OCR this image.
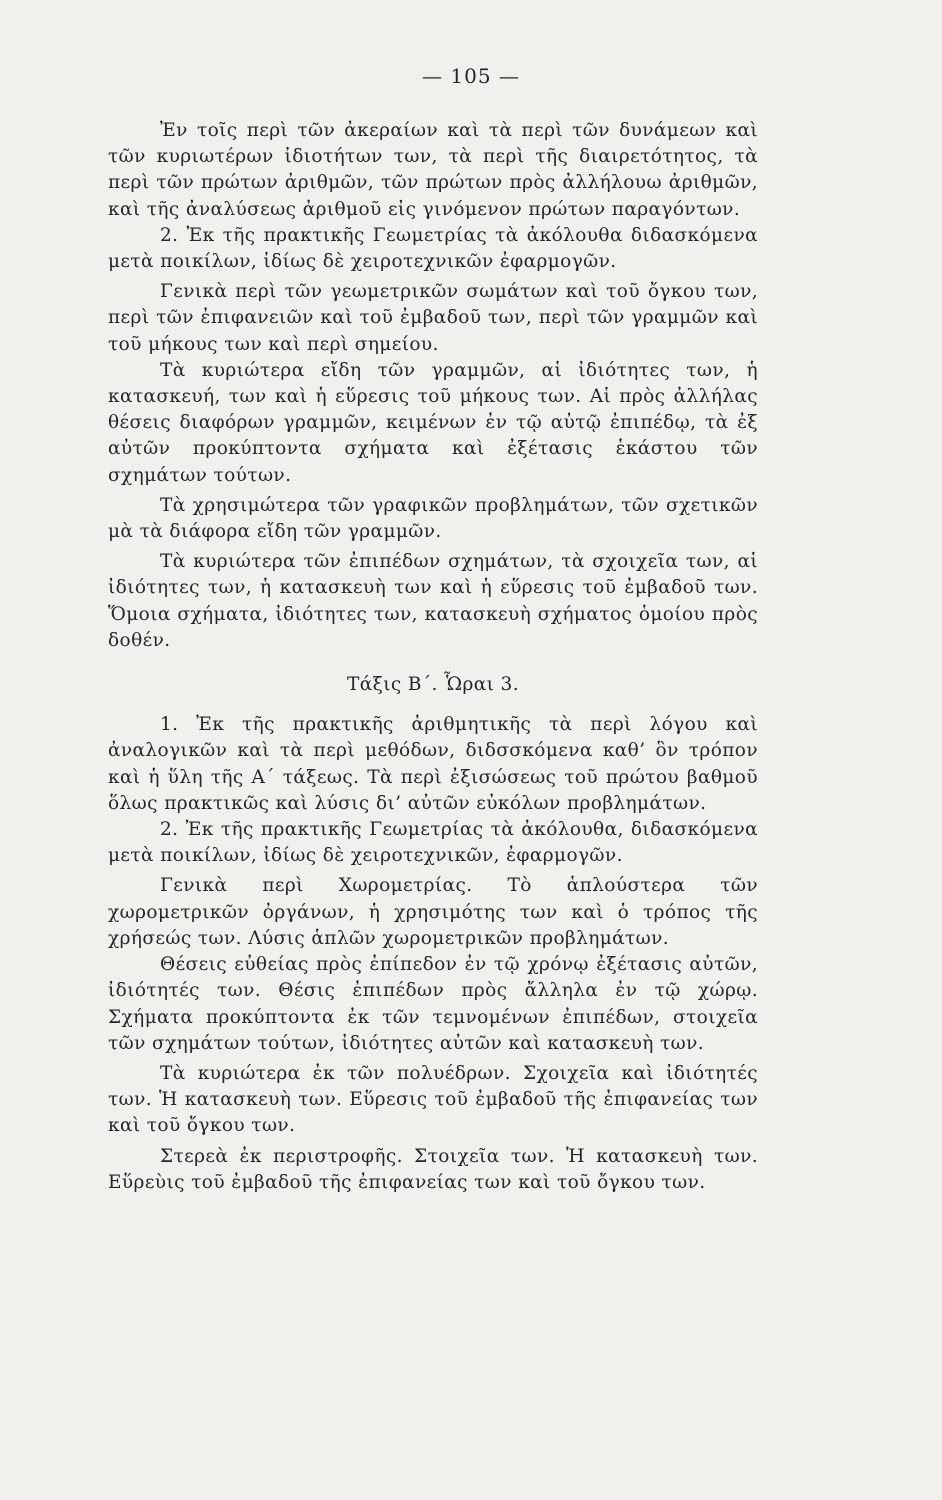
— 105 —

Ἐν τοῖς περὶ τῶν ἀκεραίων καὶ τὰ περὶ τῶν δυνάμεων καὶ τῶν κυριωτέρων ἰδιοτήτων των, τὰ περὶ τῆς διαιρετότητος, τὰ περὶ τῶν πρώτων ἀριθμῶν, τῶν πρώτων πρὸς ἀλλήλουω ἀριθμῶν, καὶ τῆς ἀναλύσεως ἀριθμοῦ εἰς γινόμενον πρώτων παραγόντων.

2. Ἐκ τῆς πρακτικῆς Γεωμετρίας τὰ ἀκόλουθα διδασκόμενα μετὰ ποικίλων, ἰδίως δὲ χειροτεχνικῶν ἐφαρμογῶν.

Γενικὰ περὶ τῶν γεωμετρικῶν σωμάτων καὶ τοῦ ὄγκου των, περὶ τῶν ἐπιφανειῶν καὶ τοῦ ἐμβαδοῦ των, περὶ τῶν γραμμῶν καὶ τοῦ μήκους των καὶ περὶ σημείου.

Τὰ κυριώτερα εἴδη τῶν γραμμῶν, αἱ ἰδιότητες των, ἡ κατασκευή, των καὶ ἡ εὕρεσις τοῦ μήκους των. Αἱ πρὸς ἀλλήλας θέσεις διαφόρων γραμμῶν, κειμένων ἐν τῷ αὐτῷ ἐπιπέδῳ, τὰ ἐξ αὐτῶν προκύπτοντα σχήματα καὶ ἐξέτασις ἑκάστου τῶν σχημάτων τούτων.

Τὰ χρησιμώτερα τῶν γραφικῶν προβλημάτων, τῶν σχετικῶν μὰ τὰ διάφορα εἴδη τῶν γραμμῶν.

Τὰ κυριώτερα τῶν ἐπιπέδων σχημάτων, τὰ σχοιχεῖα των, αἱ ἰδιότητες των, ἡ κατασκευὴ των καὶ ἡ εὕρεσις τοῦ ἐμβαδοῦ των. Ὅμοια σχήματα, ἰδιότητες των, κατασκευὴ σχήματος ὁμοίου πρὸς δοθέν.

Τάξις Β΄. Ὧραι 3.

1. Ἐκ τῆς πρακτικῆς ἀριθμητικῆς τὰ περὶ λόγου καὶ ἀναλογικῶν καὶ τὰ περὶ μεθόδων, διδσσκόμενα καθ’ ὃν τρόπον καὶ ἡ ὕλη τῆς Α΄ τάξεως. Τὰ περὶ ἐξισώσεως τοῦ πρώτου βαθμοῦ ὅλως πρακτικῶς καὶ λύσις δι’ αὐτῶν εὐκόλων προβλημάτων.

2. Ἐκ τῆς πρακτικῆς Γεωμετρίας τὰ ἀκόλουθα, διδασκόμενα μετὰ ποικίλων, ἰδίως δὲ χειροτεχνικῶν, ἐφαρμογῶν.

Γενικὰ περὶ Χωρομετρίας. Τὸ ἁπλούστερα τῶν χωρομετρικῶν ὀργάνων, ἡ χρησιμότης των καὶ ὁ τρόπος τῆς χρήσεώς των. Λύσις ἁπλῶν χωρομετρικῶν προβλημάτων.

Θέσεις εὐθείας πρὸς ἐπίπεδον ἐν τῷ χρόνῳ ἐξέτασις αὐτῶν, ἰδιότητές των. Θέσις ἐπιπέδων πρὸς ἄλληλα ἐν τῷ χώρῳ. Σχήματα προκύπτοντα ἐκ τῶν τεμνομένων ἐπιπέδων, στοιχεῖα τῶν σχημάτων τούτων, ἰδιότητες αὐτῶν καὶ κατασκευὴ των.

Τὰ κυριώτερα ἐκ τῶν πολυέδρων. Σχοιχεῖα καὶ ἰδιότητές των. Ἡ κατασκευὴ των. Εὕρεσις τοῦ ἐμβαδοῦ τῆς ἐπιφανείας των καὶ τοῦ ὄγκου των.

Στερεὰ ἐκ περιστροφῆς. Στοιχεῖα των. Ἡ κατασκευὴ των. Εὕρεὺις τοῦ ἐμβαδοῦ τῆς ἐπιφανείας των καὶ τοῦ ὄγκου των.
